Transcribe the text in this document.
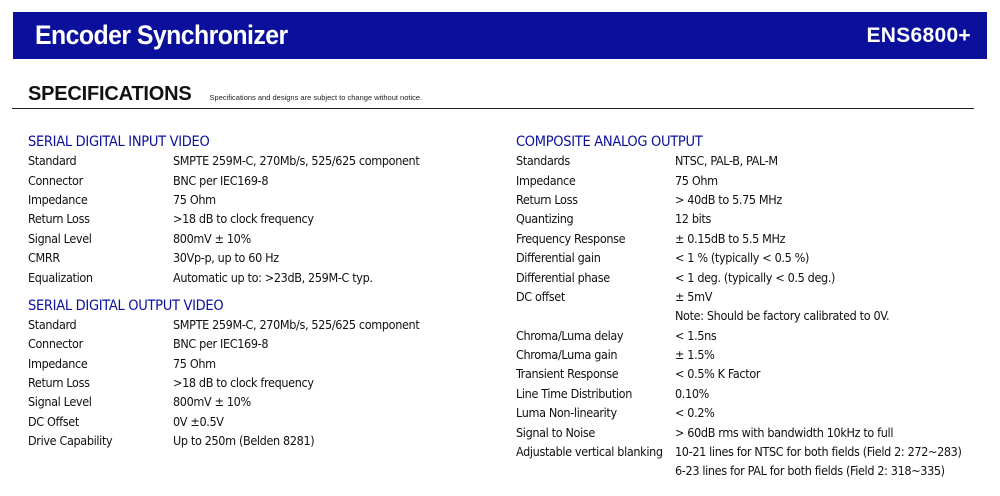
Encoder Synchronizer	ENS6800+
SPECIFICATIONS Specifications and designs are subject to change without notice.
SERIAL DIGITAL INPUT VIDEO
Standard	SMPTE 259M-C, 270Mb/s, 525/625 component
Connector	BNC per IEC169-8
Impedance	75 Ohm
Return Loss	>18 dB to clock frequency
Signal Level	800mV ± 10%
CMRR	30Vp-p, up to 60 Hz
Equalization	Automatic up to: >23dB, 259M-C typ.
SERIAL DIGITAL OUTPUT VIDEO
Standard	SMPTE 259M-C, 270Mb/s, 525/625 component
Connector	BNC per IEC169-8
Impedance	75 Ohm
Return Loss	>18 dB to clock frequency
Signal Level	800mV ± 10%
DC Offset	0V ±0.5V
Drive Capability	Up to 250m (Belden 8281)
COMPOSITE ANALOG OUTPUT
Standards	NTSC, PAL-B, PAL-M
Impedance	75 Ohm
Return Loss	> 40dB to 5.75 MHz
Quantizing	12 bits
Frequency Response	± 0.15dB to 5.5 MHz
Differential gain	< 1 % (typically < 0.5 %)
Differential phase	< 1 deg. (typically < 0.5 deg.)
DC offset	± 5mV
Note: Should be factory calibrated to 0V.
Chroma/Luma delay	< 1.5ns
Chroma/Luma gain	± 1.5%
Transient Response	< 0.5% K Factor
Line Time Distribution	0.10%
Luma Non-linearity	< 0.2%
Signal to Noise	> 60dB rms with bandwidth 10kHz to full
Adjustable vertical blanking 10-21 lines for NTSC for both fields (Field 2: 272~283)
6-23 lines for PAL for both fields (Field 2: 318~335)
